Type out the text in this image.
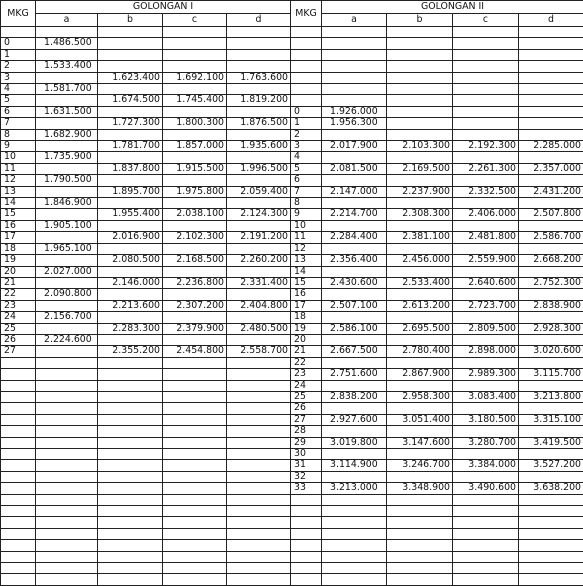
MKG	GOLONGAN I				MKG	GOLONGAN II			
	a	b	c	d		a	b	c	d

0	1.486.500								
1									
2	1.533.400								
3		1.623.400	1.692.100	1.763.600					
4	1.581.700								
5		1.674.500	1.745.400	1.819.200					
6	1.631.500				0	1.926.000			
7		1.727.300	1.800.300	1.876.500	1	1.956.300			
8	1.682.900				2				
9		1.781.700	1.857.000	1.935.600	3	2.017.900	2.103.300	2.192.300	2.285.000
10	1.735.900				4				
11		1.837.800	1.915.500	1.996.500	5	2.081.500	2.169.500	2.261.300	2.357.000
12	1.790.500				6				
13		1.895.700	1.975.800	2.059.400	7	2.147.000	2.237.900	2.332.500	2.431.200
14	1.846.900				8				
15		1.955.400	2.038.100	2.124.300	9	2.214.700	2.308.300	2.406.000	2.507.800
16	1.905.100				10				
17		2.016.900	2.102.300	2.191.200	11	2.284.400	2.381.100	2.481.800	2.586.700
18	1.965.100				12				
19		2.080.500	2.168.500	2.260.200	13	2.356.400	2.456.000	2.559.900	2.668.200
20	2.027.000				14				
21		2.146.000	2.236.800	2.331.400	15	2.430.600	2.533.400	2.640.600	2.752.300
22	2.090.800				16				
23		2.213.600	2.307.200	2.404.800	17	2.507.100	2.613.200	2.723.700	2.838.900
24	2.156.700				18				
25		2.283.300	2.379.900	2.480.500	19	2.586.100	2.695.500	2.809.500	2.928.300
26	2.224.600				20				
27		2.355.200	2.454.800	2.558.700	21	2.667.500	2.780.400	2.898.000	3.020.600
					22				
					23	2.751.600	2.867.900	2.989.300	3.115.700
					24				
					25	2.838.200	2.958.300	3.083.400	3.213.800
					26				
					27	2.927.600	3.051.400	3.180.500	3.315.100
					28				
					29	3.019.800	3.147.600	3.280.700	3.419.500
					30				
					31	3.114.900	3.246.700	3.384.000	3.527.200
					32				
					33	3.213.000	3.348.900	3.490.600	3.638.200
